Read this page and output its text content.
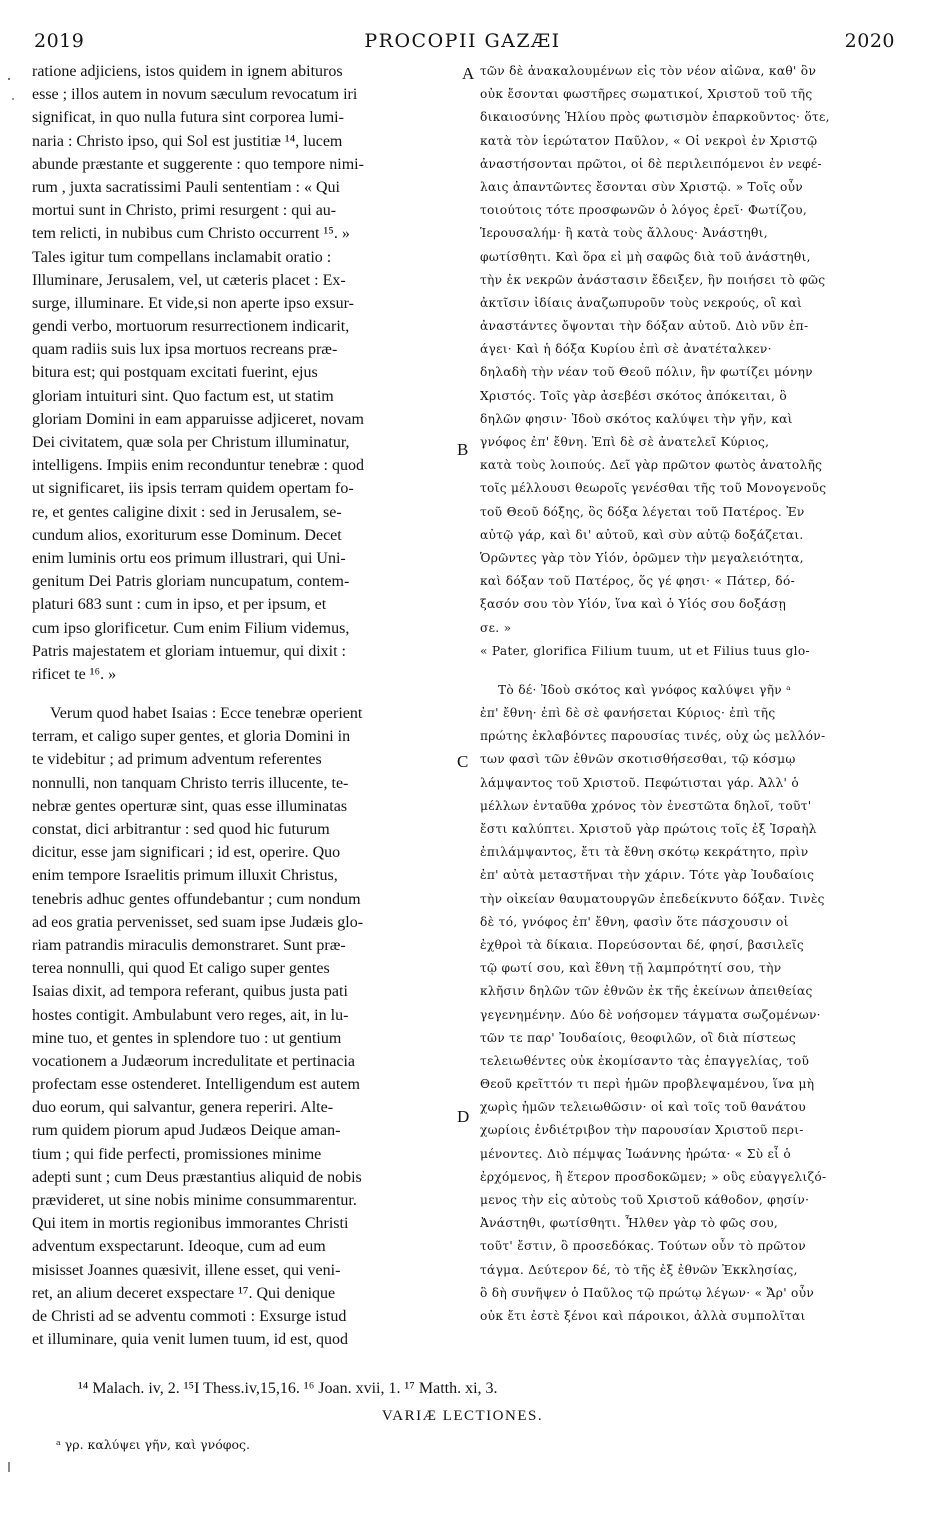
2019	PROCOPII GAZÆI	2020
ratione adjiciens, istos quidem in ignem abituros
esse ; illos autem in novum sæculum revocatum iri
significat, in quo nulla futura sint corporea lumi-
naria : Christo ipso, qui Sol est justitiæ ¹⁴, lucem
abunde præstante et suggerente : quo tempore nimi-
rum , juxta sacratissimi Pauli sententiam : « Qui
mortui sunt in Christo, primi resurgent : qui au-
tem relicti, in nubibus cum Christo occurrent ¹⁵. »
Tales igitur tum compellans inclamabit oratio :
Illuminare, Jerusalem, vel, ut cæteris placet : Ex-
surge, illuminare. Et vide,si non aperte ipso exsur-
gendi verbo, mortuorum resurrectionem indicarit,
quam radiis suis lux ipsa mortuos recreans præ-
bitura est; qui postquam excitati fuerint, ejus
gloriam intuituri sint. Quo factum est, ut statim
gloriam Domini in eam apparuisse adjiceret, novam
Dei civitatem, quæ sola per Christum illuminatur,
intelligens. Impiis enim reconduntur tenebræ : quod
ut significaret, iis ipsis terram quidem opertam fo-
re, et gentes caligine dixit : sed in Jerusalem, se-
cundum alios, exoriturum esse Dominum. Decet
enim luminis ortu eos primum illustrari, qui Uni-
genitum Dei Patris gloriam nuncupatum, contem-
platuri 683 sunt : cum in ipso, et per ipsum, et
cum ipso glorificetur. Cum enim Filium videmus,
Patris majestatem et gloriam intuemur, qui dixit :
rificet te ¹⁶. »
Verum quod habet Isaias : Ecce tenebræ operient
terram, et caligo super gentes, et gloria Domini in
te videbitur ; ad primum adventum referentes
nonnulli, non tanquam Christo terris illucente, te-
nebræ gentes operturæ sint, quas esse illuminatas
constat, dici arbitrantur : sed quod hic futurum
dicitur, esse jam significari ; id est, operire. Quo
enim tempore Israelitis primum illuxit Christus,
tenebris adhuc gentes offundebantur ; cum nondum
ad eos gratia pervenisset, sed suam ipse Judæis glo-
riam patrandis miraculis demonstraret. Sunt præ-
terea nonnulli, qui quod Et caligo super gentes
Isaias dixit, ad tempora referant, quibus justa pati
hostes contigit. Ambulabunt vero reges, ait, in lu-
mine tuo, et gentes in splendore tuo : ut gentium
vocationem a Judæorum incredulitate et pertinacia
profectam esse ostenderet. Intelligendum est autem
duo eorum, qui salvantur, genera reperiri. Alte-
rum quidem piorum apud Judæos Deique aman-
tium ; qui fide perfecti, promissiones minime
adepti sunt ; cum Deus præstantius aliquid de nobis
prævideret, ut sine nobis minime consummarentur.
Qui item in mortis regionibus immorantes Christi
adventum exspectarunt. Ideoque, cum ad eum
misisset Joannes quæsivit, illene esset, qui veni-
ret, an alium deceret exspectare ¹⁷. Qui denique
de Christi ad se adventu commoti : Exsurge istud
et illuminare, quia venit lumen tuum, id est, quod
τῶν δὲ ἀνακαλουμένων εἰς τὸν νέον αἰῶνα, καθ' ὃν
οὐκ ἔσονται φωστῆρες σωματικοί, Χριστοῦ τοῦ τῆς
δικαιοσύνης Ἡλίου πρὸς φωτισμὸν ἐπαρκοῦντος· ὅτε,
κατὰ τὸν ἱερώτατον Παῦλον, « Οἱ νεκροὶ ἐν Χριστῷ
ἀναστήσονται πρῶτοι, οἱ δὲ περιλειπόμενοι ἐν νεφέ-
λαις ἀπαντῶντες ἔσονται σὺν Χριστῷ. » Τοῖς οὖν
τοιούτοις τότε προσφωνῶν ὁ λόγος ἐρεῖ· Φωτίζου,
Ἱερουσαλήμ· ἢ κατὰ τοὺς ἄλλους· Ἀνάστηθι,
φωτίσθητι. Καὶ ὅρα εἰ μὴ σαφῶς διὰ τοῦ ἀνάστηθι,
τὴν ἐκ νεκρῶν ἀνάστασιν ἔδειξεν, ἣν ποιήσει τὸ φῶς
ἀκτῖσιν ἰδίαις ἀναζωπυροῦν τοὺς νεκρούς, οἳ καὶ
ἀναστάντες ὄψονται τὴν δόξαν αὐτοῦ. Διὸ νῦν ἐπ-
άγει· Καὶ ἡ δόξα Κυρίου ἐπὶ σὲ ἀνατέταλκεν·
δηλαδὴ τὴν νέαν τοῦ Θεοῦ πόλιν, ἣν φωτίζει μόνην
Χριστός. Τοῖς γὰρ ἀσεβέσι σκότος ἀπόκειται, ὃ
δηλῶν φησιν· Ἰδοὺ σκότος καλύψει τὴν γῆν, καὶ
γνόφος ἐπ' ἔθνη. Ἐπὶ δὲ σὲ ἀνατελεῖ Κύριος,
κατὰ τοὺς λοιπούς. Δεῖ γὰρ πρῶτον φωτὸς ἀνατολῆς
τοῖς μέλλουσι θεωροῖς γενέσθαι τῆς τοῦ Μονογενοῦς
τοῦ Θεοῦ δόξης, ὃς δόξα λέγεται τοῦ Πατέρος. Ἐν
αὐτῷ γάρ, καὶ δι' αὐτοῦ, καὶ σὺν αὐτῷ δοξάζεται.
Ὁρῶντες γὰρ τὸν Υἱόν, ὁρῶμεν τὴν μεγαλειότητα,
καὶ δόξαν τοῦ Πατέρος, ὅς γέ φησι· « Πάτερ, δό-
ξασόν σου τὸν Υἱόν, ἵνα καὶ ὁ Υἱός σου δοξάσῃ
σε. »
« Pater, glorifica Filium tuum, ut et Filius tuus glo-
Τὸ δέ· Ἰδοὺ σκότος καὶ γνόφος καλύψει γῆν ᵃ
ἐπ' ἔθνη· ἐπὶ δὲ σὲ φανήσεται Κύριος· ἐπὶ τῆς
πρώτης ἐκλαβόντες παρουσίας τινές, οὐχ ὡς μελλόν-
των φασὶ τῶν ἐθνῶν σκοτισθήσεσθαι, τῷ κόσμῳ
λάμψαντος τοῦ Χριστοῦ. Πεφώτισται γάρ. Ἀλλ' ὁ
μέλλων ἐνταῦθα χρόνος τὸν ἐνεστῶτα δηλοῖ, τοῦτ'
ἔστι καλύπτει. Χριστοῦ γὰρ πρώτοις τοῖς ἐξ Ἰσραὴλ
ἐπιλάμψαντος, ἔτι τὰ ἔθνη σκότῳ κεκράτητο, πρὶν
ἐπ' αὐτὰ μεταστῆναι τὴν χάριν. Τότε γὰρ Ἰουδαίοις
τὴν οἰκείαν θαυματουργῶν ἐπεδείκνυτο δόξαν. Τινὲς
δὲ τό, γνόφος ἐπ' ἔθνη, φασὶν ὅτε πάσχουσιν οἱ
ἐχθροὶ τὰ δίκαια. Πορεύσονται δέ, φησί, βασιλεῖς
τῷ φωτί σου, καὶ ἔθνη τῇ λαμπρότητί σου, τὴν
κλῆσιν δηλῶν τῶν ἐθνῶν ἐκ τῆς ἐκείνων ἀπειθείας
γεγενημένην. Δύο δὲ νοήσομεν τάγματα σωζομένων·
τῶν τε παρ' Ἰουδαίοις, θεοφιλῶν, οἳ διὰ πίστεως
τελειωθέντες οὐκ ἐκομίσαντο τὰς ἐπαγγελίας, τοῦ
Θεοῦ κρεῖττόν τι περὶ ἡμῶν προβλεψαμένου, ἵνα μὴ
χωρὶς ἡμῶν τελειωθῶσιν· οἱ καὶ τοῖς τοῦ θανάτου
χωρίοις ἐνδιέτριβον τὴν παρουσίαν Χριστοῦ περι-
μένοντες. Διὸ πέμψας Ἰωάννης ἠρώτα· « Σὺ εἶ ὁ
ἐρχόμενος, ἢ ἕτερον προσδοκῶμεν; » οὓς εὐαγγελιζό-
μενος τὴν εἰς αὐτοὺς τοῦ Χριστοῦ κάθοδον, φησίν·
Ἀνάστηθι, φωτίσθητι. Ἧλθεν γὰρ τὸ φῶς σου,
τοῦτ' ἔστιν, ὃ προσεδόκας. Τούτων οὖν τὸ πρῶτον
τάγμα. Δεύτερον δέ, τὸ τῆς ἐξ ἐθνῶν Ἐκκλησίας,
ὃ δὴ συνῆψεν ὁ Παῦλος τῷ πρώτῳ λέγων· « Ἄρ' οὖν
οὐκ ἔτι ἐστὲ ξένοι καὶ πάροικοι, ἀλλὰ συμπολῖται
A
B
C
D
¹⁴ Malach. iv, 2. ¹⁵I Thess.iv,15,16. ¹⁶ Joan. xvii, 1. ¹⁷ Matth. xi, 3.
VARIÆ LECTIONES.
ᵃ γρ. καλύψει γῆν, καὶ γνόφος.
